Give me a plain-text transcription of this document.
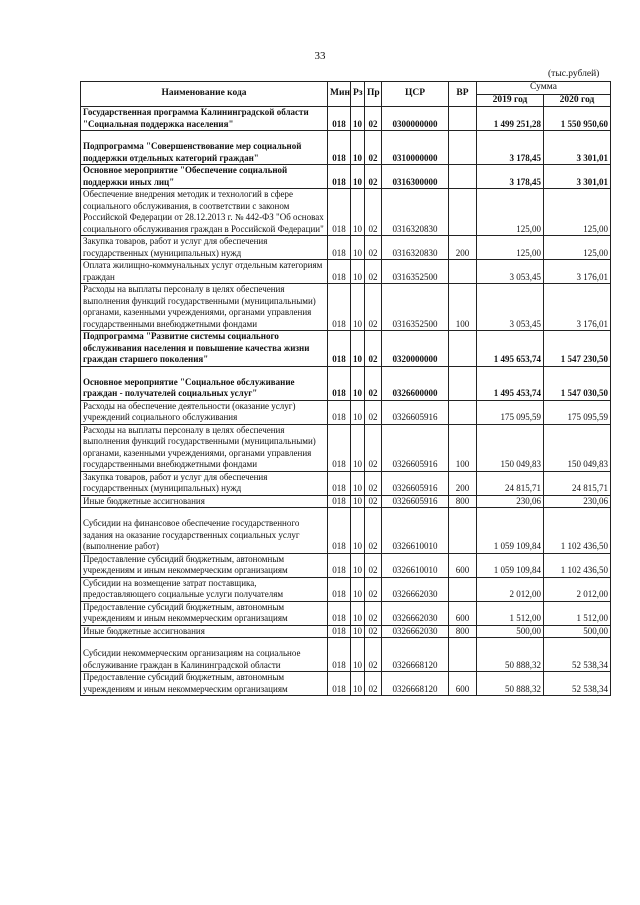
33
(тыс.рублей)
Наименование кода	Мин	Рз	Пр	ЦСР	ВР	Сумма	
						2019 год	2020 год
Государственная программа Калининградской области "Социальная поддержка населения"	018	10	02	0300000000		1 499 251,28	1 550 950,60
Подпрограмма "Совершенствование мер социальной поддержки отдельных категорий граждан"	018	10	02	0310000000		3 178,45	3 301,01
Основное мероприятие "Обеспечение социальной поддержки иных лиц"	018	10	02	0316300000		3 178,45	3 301,01
Обеспечение внедрения методик и технологий в сфере социального обслуживания, в соответствии с законом Российской Федерации от 28.12.2013 г. № 442-ФЗ "Об основах социального обслуживания граждан в Российской Федерации"	018	10	02	0316320830		125,00	125,00
Закупка товаров, работ и услуг для обеспечения государственных (муниципальных) нужд	018	10	02	0316320830	200	125,00	125,00
Оплата жилищно-коммунальных услуг отдельным категориям граждан	018	10	02	0316352500		3 053,45	3 176,01
Расходы на выплаты персоналу в целях обеспечения выполнения функций государственными (муниципальными) органами, казенными учреждениями, органами управления государственными внебюджетными фондами	018	10	02	0316352500	100	3 053,45	3 176,01
Подпрограмма "Развитие системы социального обслуживания населения и повышение качества жизни граждан старшего поколения"	018	10	02	0320000000		1 495 653,74	1 547 230,50
Основное мероприятие "Социальное обслуживание граждан - получателей социальных услуг"	018	10	02	0326600000		1 495 453,74	1 547 030,50
Расходы на обеспечение деятельности (оказание услуг) учреждений социального обслуживания	018	10	02	0326605916		175 095,59	175 095,59
Расходы на выплаты персоналу в целях обеспечения выполнения функций государственными (муниципальными) органами, казенными учреждениями, органами управления государственными внебюджетными фондами	018	10	02	0326605916	100	150 049,83	150 049,83
Закупка товаров, работ и услуг для обеспечения государственных (муниципальных) нужд	018	10	02	0326605916	200	24 815,71	24 815,71
Иные бюджетные ассигнования	018	10	02	0326605916	800	230,06	230,06
Субсидии на финансовое обеспечение государственного задания на оказание государственных социальных услуг (выполнение работ)	018	10	02	0326610010		1 059 109,84	1 102 436,50
Предоставление субсидий бюджетным, автономным учреждениям и иным некоммерческим организациям	018	10	02	0326610010	600	1 059 109,84	1 102 436,50
Субсидии на возмещение затрат поставщика, предоставляющего социальные услуги получателям	018	10	02	0326662030		2 012,00	2 012,00
Предоставление субсидий бюджетным, автономным учреждениям и иным некоммерческим организациям	018	10	02	0326662030	600	1 512,00	1 512,00
Иные бюджетные ассигнования	018	10	02	0326662030	800	500,00	500,00
Субсидии некоммерческим организациям на социальное обслуживание граждан в Калининградской области	018	10	02	0326668120		50 888,32	52 538,34
Предоставление субсидий бюджетным, автономным учреждениям и иным некоммерческим организациям	018	10	02	0326668120	600	50 888,32	52 538,34
